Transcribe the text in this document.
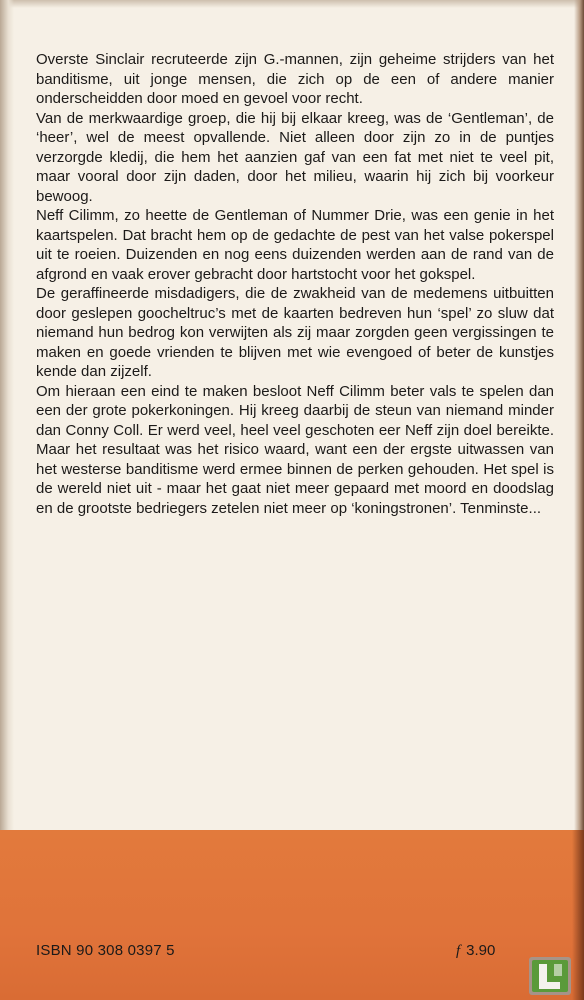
Overste Sinclair recruteerde zijn G.-mannen, zijn geheime strijders van het banditisme, uit jonge mensen, die zich op de een of andere manier onderscheidden door moed en gevoel voor recht.

Van de merkwaardige groep, die hij bij elkaar kreeg, was de ‘Gentleman’, de ‘heer’, wel de meest opvallende. Niet alleen door zijn zo in de puntjes verzorgde kledij, die hem het aanzien gaf van een fat met niet te veel pit, maar vooral door zijn daden, door het milieu, waarin hij zich bij voorkeur bewoog.

Neff Cilimm, zo heette de Gentleman of Nummer Drie, was een genie in het kaartspelen. Dat bracht hem op de gedachte de pest van het valse pokerspel uit te roeien. Duizenden en nog eens duizenden werden aan de rand van de afgrond en vaak erover gebracht door hartstocht voor het gokspel.

De geraffineerde misdadigers, die de zwakheid van de medemens uitbuitten door geslepen goocheltruc’s met de kaarten bedreven hun ‘spel’ zo sluw dat niemand hun bedrog kon verwijten als zij maar zorgden geen vergissingen te maken en goede vrienden te blijven met wie evengoed of beter de kunstjes kende dan zijzelf.

Om hieraan een eind te maken besloot Neff Cilimm beter vals te spelen dan een der grote pokerkoningen. Hij kreeg daarbij de steun van niemand minder dan Conny Coll. Er werd veel, heel veel geschoten eer Neff zijn doel bereikte. Maar het resultaat was het risico waard, want een der ergste uitwassen van het westerse banditisme werd ermee binnen de perken gehouden. Het spel is de wereld niet uit - maar het gaat niet meer gepaard met moord en doodslag en de grootste bedriegers zetelen niet meer op ‘koningstronen’. Tenminste...

ISBN 90 308 0397 5	f 3.90
